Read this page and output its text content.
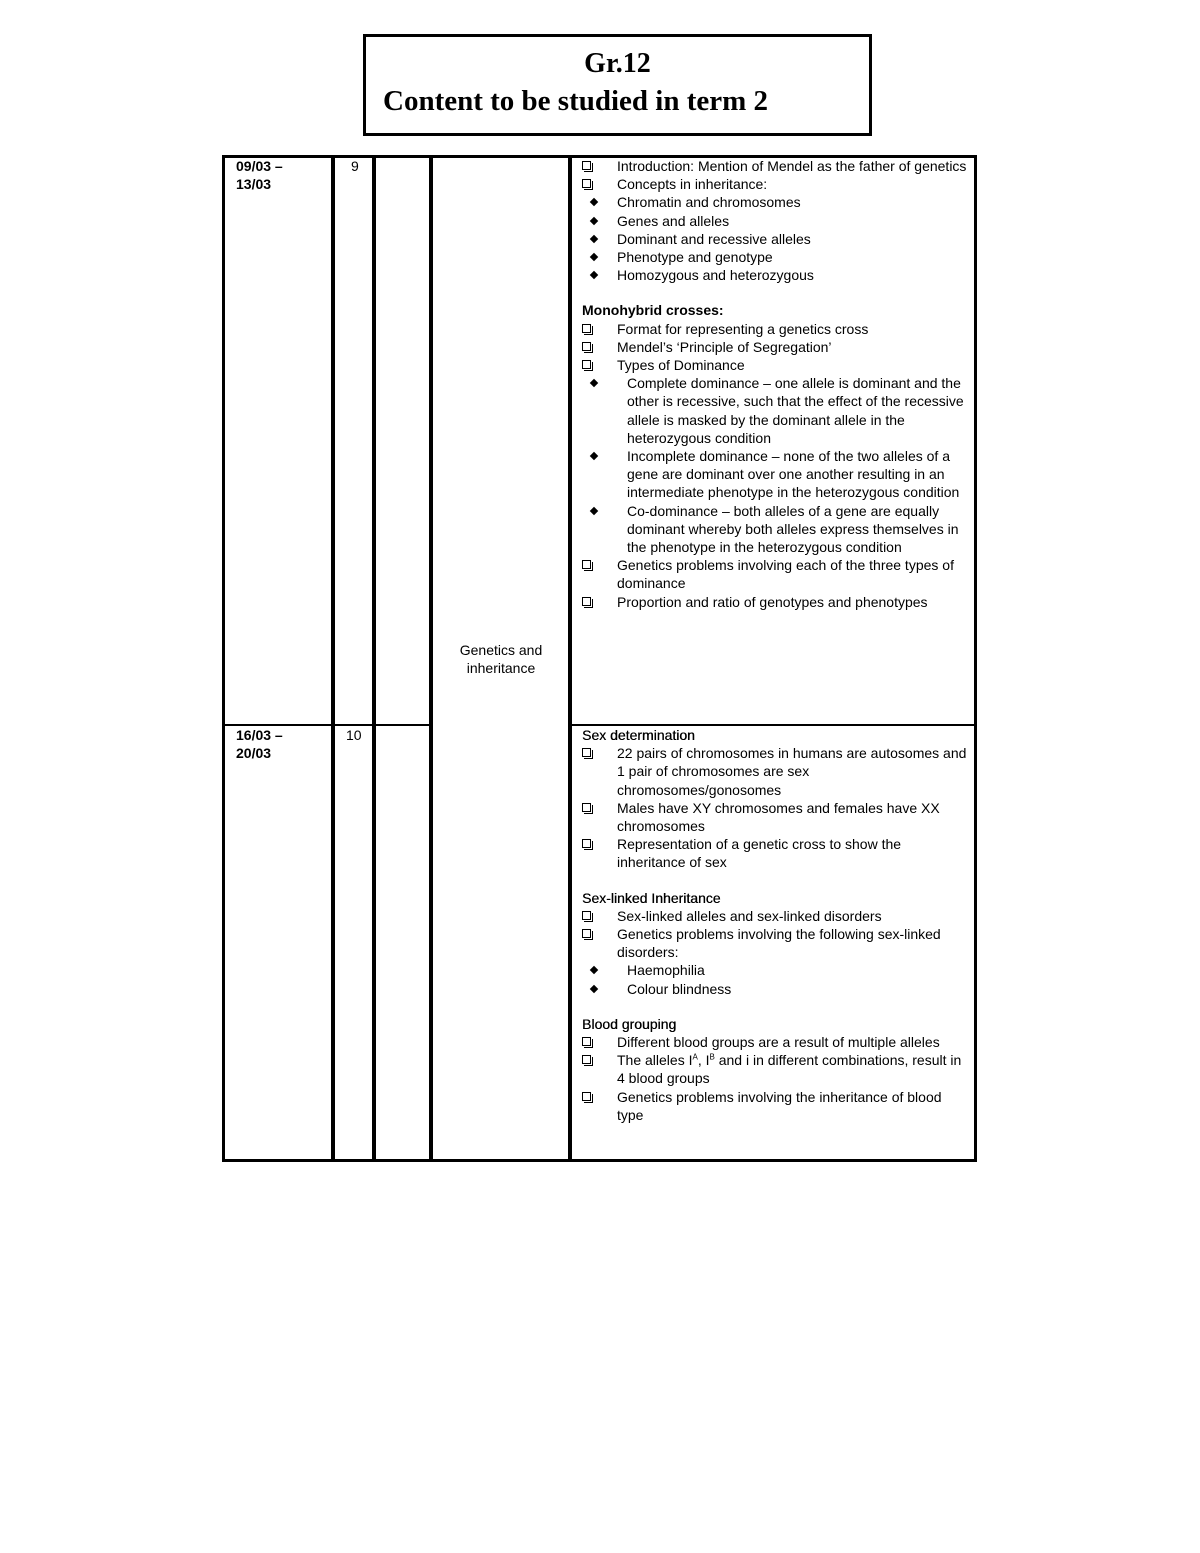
Gr.12
Content to be studied in term 2
09/03 –
13/03
9
16/03 –
20/03
10
Genetics and
inheritance
Introduction: Mention of Mendel as the father of genetics
Concepts in inheritance:
Chromatin and chromosomes
Genes and alleles
Dominant and recessive alleles
Phenotype and genotype
Homozygous and heterozygous
Monohybrid crosses:
Format for representing a genetics cross
Mendel’s ‘Principle of Segregation’
Types of Dominance
Complete dominance – one allele is dominant and the other is recessive, such that the effect of the recessive allele is masked by the dominant allele in the heterozygous condition
Incomplete dominance – none of the two alleles of a gene are dominant over one another resulting in an intermediate phenotype in the heterozygous condition
Co-dominance – both alleles of a gene are equally dominant whereby both alleles express themselves in the phenotype in the heterozygous condition
Genetics problems involving each of the three types of dominance
Proportion and ratio of genotypes and phenotypes
Sex determination
22 pairs of chromosomes in humans are autosomes and 1 pair of chromosomes are sex chromosomes/gonosomes
Males have XY chromosomes and females have XX chromosomes
Representation of a genetic cross to show the inheritance of sex
Sex-linked Inheritance
Sex-linked alleles and sex-linked disorders
Genetics problems involving the following sex-linked disorders:
Haemophilia
Colour blindness
Blood grouping
Different blood groups are a result of multiple alleles
The alleles $I^A$, $I^B$ and i in different combinations, result in 4 blood groups
Genetics problems involving the inheritance of blood type
